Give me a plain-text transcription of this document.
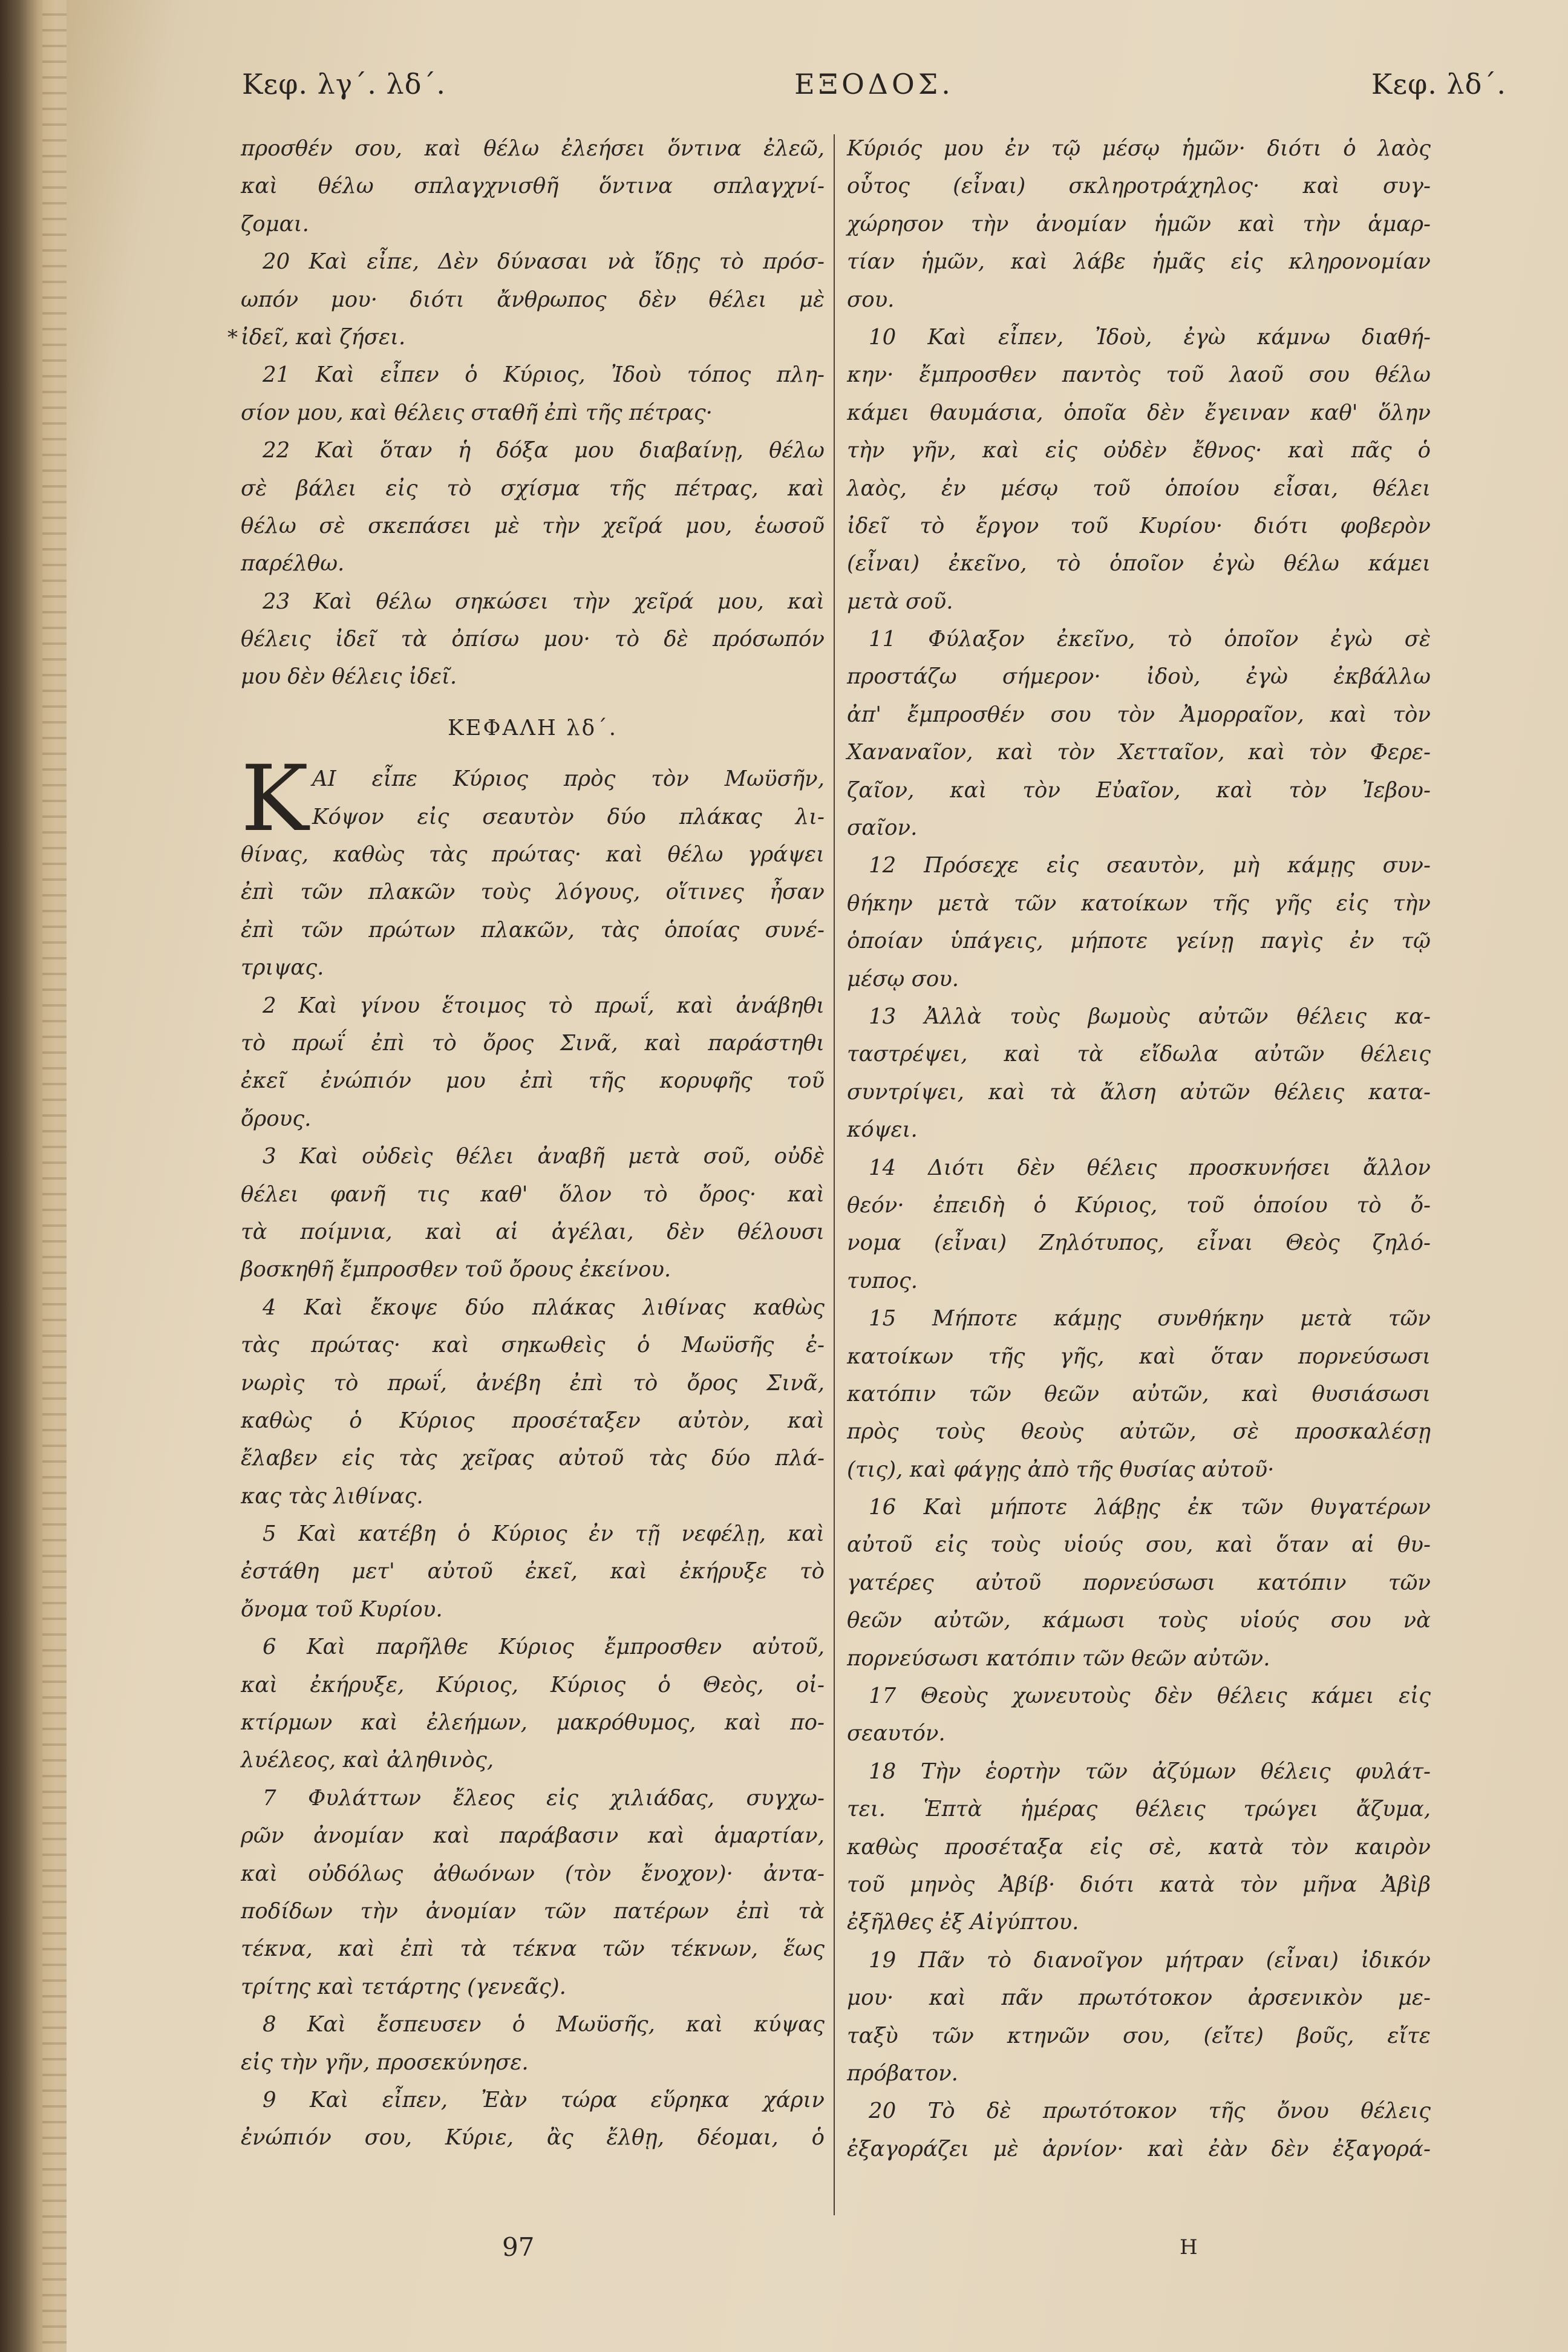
Κεφ. λγ΄. λδ΄.	ΕΞΟΔΟΣ.	Κεφ. λδ΄.
προσθέν σου, καὶ θέλω ἐλεήσει ὅντινα ἐλεῶ,
καὶ θέλω σπλαγχνισθῆ ὅντινα σπλαγχνί-
ζομαι.
20 Καὶ εἶπε, Δὲν δύνασαι νὰ ἴδῃς τὸ πρόσ-
ωπόν μου· διότι ἄνθρωπος δὲν θέλει μὲ
ἰδεῖ, καὶ ζήσει.
21 Καὶ εἶπεν ὁ Κύριος, Ἰδοὺ τόπος πλη-
σίον μου, καὶ θέλεις σταθῆ ἐπὶ τῆς πέτρας·
22 Καὶ ὅταν ἡ δόξα μου διαβαίνῃ, θέλω
σὲ βάλει εἰς τὸ σχίσμα τῆς πέτρας, καὶ
θέλω σὲ σκεπάσει μὲ τὴν χεῖρά μου, ἑωσοῦ
παρέλθω.
23 Καὶ θέλω σηκώσει τὴν χεῖρά μου, καὶ
θέλεις ἰδεῖ τὰ ὀπίσω μου· τὸ δὲ πρόσωπόν
μου δὲν θέλεις ἰδεῖ.
*
ΚΕΦΑΛΗ λδ΄.
K ΑΙ εἶπε Κύριος πρὸς τὸν Μωϋσῆν,
Κόψον εἰς σεαυτὸν δύο πλάκας λι-
θίνας, καθὼς τὰς πρώτας· καὶ θέλω γράψει
ἐπὶ τῶν πλακῶν τοὺς λόγους, οἵτινες ἦσαν
ἐπὶ τῶν πρώτων πλακῶν, τὰς ὁποίας συνέ-
τριψας.
2 Καὶ γίνου ἕτοιμος τὸ πρωΐ, καὶ ἀνάβηθι
τὸ πρωΐ ἐπὶ τὸ ὄρος Σινᾶ, καὶ παράστηθι
ἐκεῖ ἐνώπιόν μου ἐπὶ τῆς κορυφῆς τοῦ
ὄρους.
3 Καὶ οὐδεὶς θέλει ἀναβῆ μετὰ σοῦ, οὐδὲ
θέλει φανῆ τις καθ' ὅλον τὸ ὄρος· καὶ
τὰ ποίμνια, καὶ αἱ ἀγέλαι, δὲν θέλουσι
βοσκηθῆ ἔμπροσθεν τοῦ ὄρους ἐκείνου.
4 Καὶ ἔκοψε δύο πλάκας λιθίνας καθὼς
τὰς πρώτας· καὶ σηκωθεὶς ὁ Μωϋσῆς ἐ-
νωρὶς τὸ πρωΐ, ἀνέβη ἐπὶ τὸ ὄρος Σινᾶ,
καθὼς ὁ Κύριος προσέταξεν αὐτὸν, καὶ
ἔλαβεν εἰς τὰς χεῖρας αὐτοῦ τὰς δύο πλά-
κας τὰς λιθίνας.
5 Καὶ κατέβη ὁ Κύριος ἐν τῇ νεφέλῃ, καὶ
ἐστάθη μετ' αὐτοῦ ἐκεῖ, καὶ ἐκήρυξε τὸ
ὄνομα τοῦ Κυρίου.
6 Καὶ παρῆλθε Κύριος ἔμπροσθεν αὐτοῦ,
καὶ ἐκήρυξε, Κύριος, Κύριος ὁ Θεὸς, οἰ-
κτίρμων καὶ ἐλεήμων, μακρόθυμος, καὶ πο-
λυέλεος, καὶ ἀληθινὸς,
7 Φυλάττων ἔλεος εἰς χιλιάδας, συγχω-
ρῶν ἀνομίαν καὶ παράβασιν καὶ ἁμαρτίαν,
καὶ οὐδόλως ἀθωόνων (τὸν ἔνοχον)· ἀντα-
ποδίδων τὴν ἀνομίαν τῶν πατέρων ἐπὶ τὰ
τέκνα, καὶ ἐπὶ τὰ τέκνα τῶν τέκνων, ἕως
τρίτης καὶ τετάρτης (γενεᾶς).
8 Καὶ ἔσπευσεν ὁ Μωϋσῆς, καὶ κύψας
εἰς τὴν γῆν, προσεκύνησε.
9 Καὶ εἶπεν, Ἐὰν τώρα εὕρηκα χάριν
ἐνώπιόν σου, Κύριε, ἂς ἔλθῃ, δέομαι, ὁ
Κύριός μου ἐν τῷ μέσῳ ἡμῶν· διότι ὁ λαὸς
οὗτος (εἶναι) σκληροτράχηλος· καὶ συγ-
χώρησον τὴν ἀνομίαν ἡμῶν καὶ τὴν ἁμαρ-
τίαν ἡμῶν, καὶ λάβε ἡμᾶς εἰς κληρονομίαν
σου.
10 Καὶ εἶπεν, Ἰδοὺ, ἐγὼ κάμνω διαθή-
κην· ἔμπροσθεν παντὸς τοῦ λαοῦ σου θέλω
κάμει θαυμάσια, ὁποῖα δὲν ἔγειναν καθ' ὅλην
τὴν γῆν, καὶ εἰς οὐδὲν ἔθνος· καὶ πᾶς ὁ
λαὸς, ἐν μέσῳ τοῦ ὁποίου εἶσαι, θέλει
ἰδεῖ τὸ ἔργον τοῦ Κυρίου· διότι φοβερὸν
(εἶναι) ἐκεῖνο, τὸ ὁποῖον ἐγὼ θέλω κάμει
μετὰ σοῦ.
11 Φύλαξον ἐκεῖνο, τὸ ὁποῖον ἐγὼ σὲ
προστάζω σήμερον· ἰδοὺ, ἐγὼ ἐκβάλλω
ἀπ' ἔμπροσθέν σου τὸν Ἀμορραῖον, καὶ τὸν
Χαναναῖον, καὶ τὸν Χετταῖον, καὶ τὸν Φερε-
ζαῖον, καὶ τὸν Εὐαῖον, καὶ τὸν Ἰεβου-
σαῖον.
12 Πρόσεχε εἰς σεαυτὸν, μὴ κάμῃς συν-
θήκην μετὰ τῶν κατοίκων τῆς γῆς εἰς τὴν
ὁποίαν ὑπάγεις, μήποτε γείνῃ παγὶς ἐν τῷ
μέσῳ σου.
13 Ἀλλὰ τοὺς βωμοὺς αὐτῶν θέλεις κα-
ταστρέψει, καὶ τὰ εἴδωλα αὐτῶν θέλεις
συντρίψει, καὶ τὰ ἄλση αὐτῶν θέλεις κατα-
κόψει.
14 Διότι δὲν θέλεις προσκυνήσει ἄλλον
θεόν· ἐπειδὴ ὁ Κύριος, τοῦ ὁποίου τὸ ὄ-
νομα (εἶναι) Ζηλότυπος, εἶναι Θεὸς ζηλό-
τυπος.
15 Μήποτε κάμῃς συνθήκην μετὰ τῶν
κατοίκων τῆς γῆς, καὶ ὅταν πορνεύσωσι
κατόπιν τῶν θεῶν αὐτῶν, καὶ θυσιάσωσι
πρὸς τοὺς θεοὺς αὐτῶν, σὲ προσκαλέσῃ
(τις), καὶ φάγῃς ἀπὸ τῆς θυσίας αὐτοῦ·
16 Καὶ μήποτε λάβῃς ἐκ τῶν θυγατέρων
αὐτοῦ εἰς τοὺς υἱούς σου, καὶ ὅταν αἱ θυ-
γατέρες αὐτοῦ πορνεύσωσι κατόπιν τῶν
θεῶν αὐτῶν, κάμωσι τοὺς υἱούς σου νὰ
πορνεύσωσι κατόπιν τῶν θεῶν αὐτῶν.
17 Θεοὺς χωνευτοὺς δὲν θέλεις κάμει εἰς
σεαυτόν.
18 Τὴν ἑορτὴν τῶν ἀζύμων θέλεις φυλάτ-
τει. Ἑπτὰ ἡμέρας θέλεις τρώγει ἄζυμα,
καθὼς προσέταξα εἰς σὲ, κατὰ τὸν καιρὸν
τοῦ μηνὸς Ἀβίβ· διότι κατὰ τὸν μῆνα Ἀβὶβ
ἐξῆλθες ἐξ Αἰγύπτου.
19 Πᾶν τὸ διανοῖγον μήτραν (εἶναι) ἰδικόν
μου· καὶ πᾶν πρωτότοκον ἀρσενικὸν με-
ταξὺ τῶν κτηνῶν σου, (εἴτε) βοῦς, εἴτε
πρόβατον.
20 Τὸ δὲ πρωτότοκον τῆς ὄνου θέλεις
ἐξαγοράζει μὲ ἀρνίον· καὶ ἐὰν δὲν ἐξαγορά-
97	H
